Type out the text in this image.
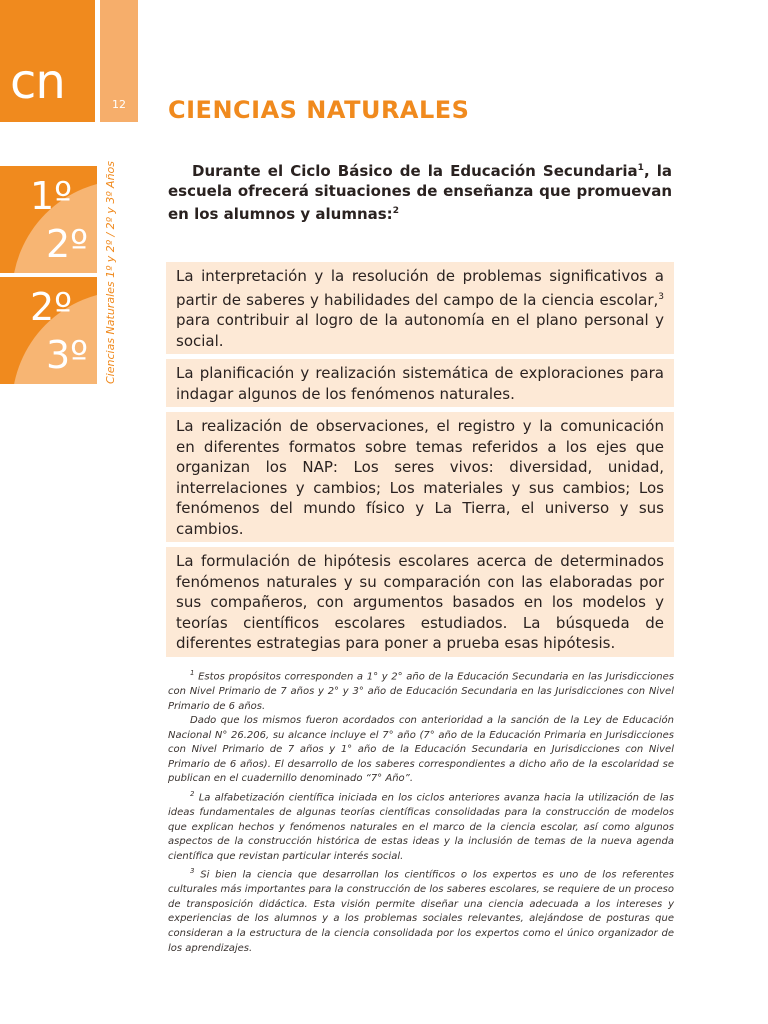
cn	12 CIENCIAS NATURALES
1º
2º
2º
3º Ciencias Naturales 1º y 2º / 2º y 3º Años	Durante el Ciclo Básico de la Educación Secundaria$^1$, la escuela ofrecerá situaciones de enseñanza que promuevan en los alumnos y alumnas:$^2$

La interpretación y la resolución de problemas significativos a partir de saberes y habilidades del campo de la ciencia escolar,$^3$ para contribuir al logro de la autonomía en el plano personal y social.
La planificación y realización sistemática de exploraciones para indagar algunos de los fenómenos naturales.
La realización de observaciones, el registro y la comunicación en diferentes formatos sobre temas referidos a los ejes que organizan los NAP: Los seres vivos: diversidad, unidad, interrelaciones y cambios; Los materiales y sus cambios; Los fenómenos del mundo físico y La Tierra, el universo y sus cambios.
La formulación de hipótesis escolares acerca de determinados fenómenos naturales y su comparación con las elaboradas por sus compañeros, con argumentos basados en los modelos y teorías científicos escolares estudiados. La búsqueda de diferentes estrategias para poner a prueba esas hipótesis.

$^1$ Estos propósitos corresponden a 1° y 2° año de la Educación Secundaria en las Jurisdicciones con Nivel Primario de 7 años y 2° y 3° año de Educación Secundaria en las Jurisdicciones con Nivel Primario de 6 años.

Dado que los mismos fueron acordados con anterioridad a la sanción de la Ley de Educación Nacional N° 26.206, su alcance incluye el 7° año (7° año de la Educación Primaria en Jurisdicciones con Nivel Primario de 7 años y 1° año de la Educación Secundaria en Jurisdicciones con Nivel Primario de 6 años). El desarrollo de los saberes correspondientes a dicho año de la escolaridad se publican en el cuadernillo denominado “7° Año”.

$^2$ La alfabetización científica iniciada en los ciclos anteriores avanza hacia la utilización de las ideas fundamentales de algunas teorías científicas consolidadas para la construcción de modelos que explican hechos y fenómenos naturales en el marco de la ciencia escolar, así como algunos aspectos de la construcción histórica de estas ideas y la inclusión de temas de la nueva agenda científica que revistan particular interés social.

$^3$ Si bien la ciencia que desarrollan los científicos o los expertos es uno de los referentes culturales más importantes para la construcción de los saberes escolares, se requiere de un proceso de transposición didáctica. Esta visión permite diseñar una ciencia adecuada a los intereses y experiencias de los alumnos y a los problemas sociales relevantes, alejándose de posturas que consideran a la estructura de la ciencia consolidada por los expertos como el único organizador de los aprendizajes.
